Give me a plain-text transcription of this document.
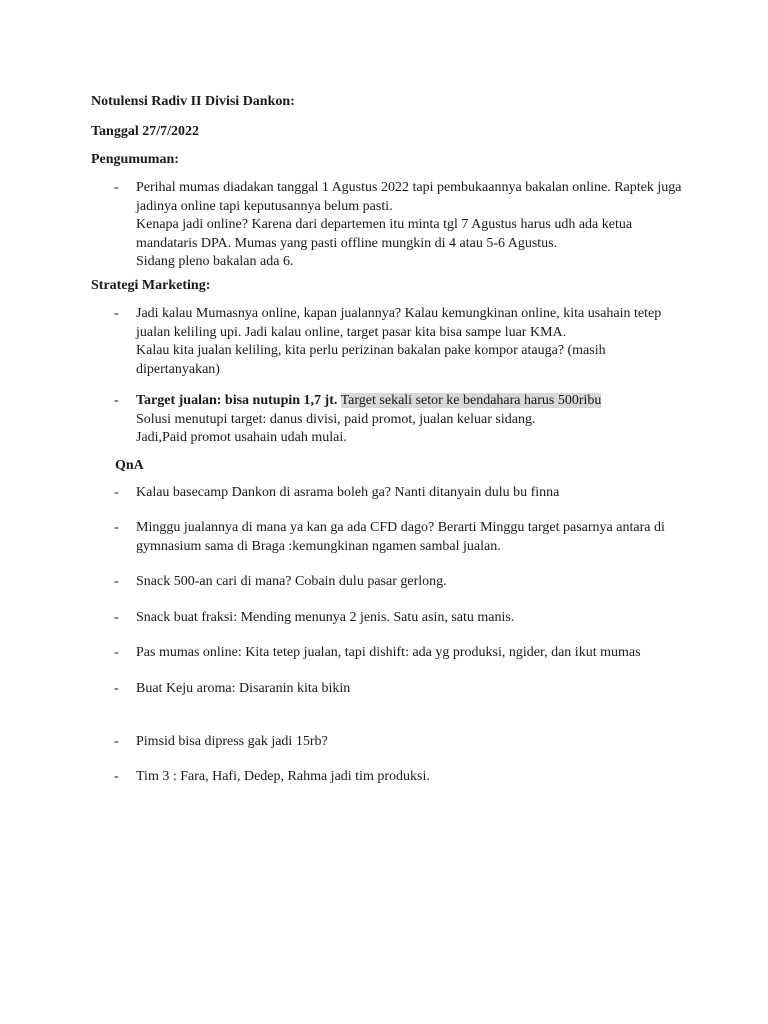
Notulensi Radiv II Divisi Dankon:
Tanggal 27/7/2022
Pengumuman:
- Perihal mumas diadakan tanggal 1 Agustus 2022 tapi pembukaannya bakalan online. Raptek juga
jadinya online tapi keputusannya belum pasti.
Kenapa jadi online? Karena dari departemen itu minta tgl 7 Agustus harus udh ada ketua
mandataris DPA. Mumas yang pasti offline mungkin di 4 atau 5-6 Agustus.
Sidang pleno bakalan ada 6.
Strategi Marketing:
- Jadi kalau Mumasnya online, kapan jualannya? Kalau kemungkinan online, kita usahain tetep
jualan keliling upi. Jadi kalau online, target pasar kita bisa sampe luar KMA.
Kalau kita jualan keliling, kita perlu perizinan bakalan pake kompor atauga? (masih
dipertanyakan)
- Target jualan: bisa nutupin 1,7 jt. Target sekali setor ke bendahara harus 500ribu
Solusi menutupi target: danus divisi, paid promot, jualan keluar sidang.
Jadi,Paid promot usahain udah mulai.
QnA
- Kalau basecamp Dankon di asrama boleh ga? Nanti ditanyain dulu bu finna
- Minggu jualannya di mana ya kan ga ada CFD dago? Berarti Minggu target pasarnya antara di
gymnasium sama di Braga :kemungkinan ngamen sambal jualan.
- Snack 500-an cari di mana? Cobain dulu pasar gerlong.
- Snack buat fraksi: Mending menunya 2 jenis. Satu asin, satu manis.
- Pas mumas online: Kita tetep jualan, tapi dishift: ada yg produksi, ngider, dan ikut mumas
- Buat Keju aroma: Disaranin kita bikin
- Pimsid bisa dipress gak jadi 15rb?
- Tim 3 : Fara, Hafi, Dedep, Rahma jadi tim produksi.
